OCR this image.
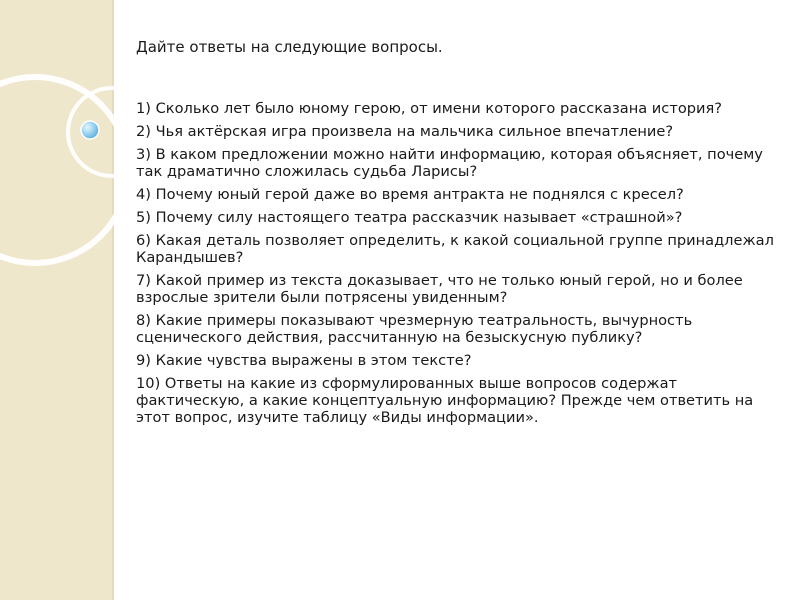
Дайте ответы на следующие вопросы.

1) Сколько лет было юному герою, от имени которого рассказана история?
2) Чья актёрская игра произвела на мальчика сильное впечатление?
3) В каком предложении можно найти информацию, которая объясняет, почему так драматично сложилась судьба Ларисы?
4) Почему юный герой даже во время антракта не поднялся с кресел?
5) Почему силу настоящего театра рассказчик называет «страшной»?
6) Какая деталь позволяет определить, к какой социальной группе принадлежал Карандышев?
7) Какой пример из текста доказывает, что не только юный герой, но и более взрослые зрители были потрясены увиденным?
8) Какие примеры показывают чрезмерную театральность, вычурность сценического действия, рассчитанную на безыскусную публику?
9) Какие чувства выражены в этом тексте?
10) Ответы на какие из сформулированных выше вопросов содержат фактическую, а какие концептуальную информацию? Прежде чем ответить на этот вопрос, изучите таблицу «Виды информации».
